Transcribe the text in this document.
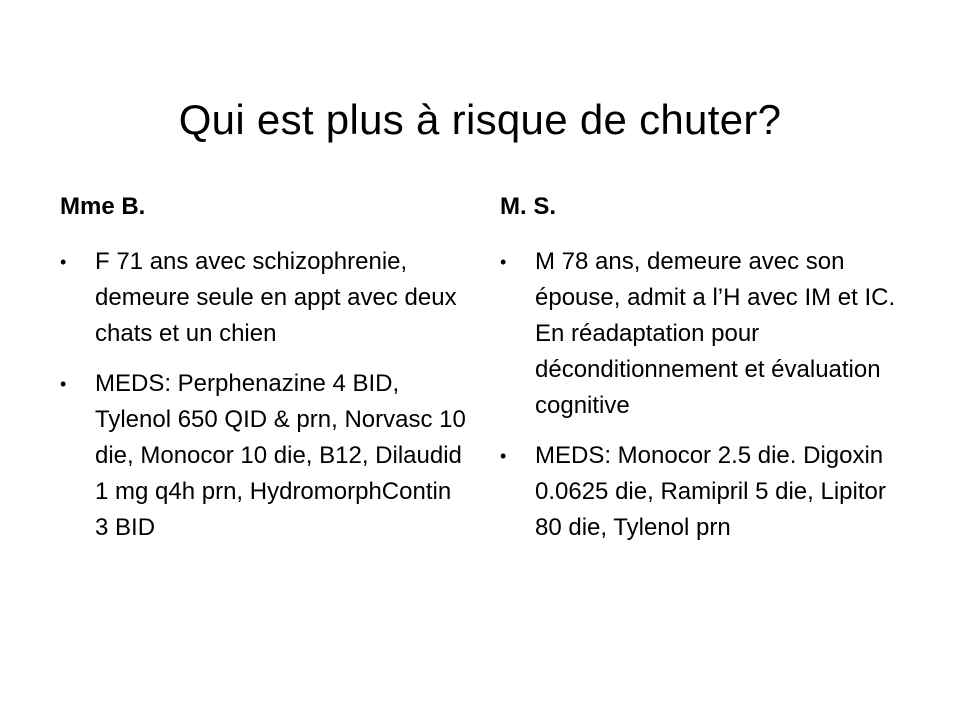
Qui est plus à risque de chuter?
Mme B.
•	F 71 ans avec schizophrenie, demeure seule en appt avec deux chats et un chien
•	MEDS: Perphenazine 4 BID, Tylenol 650 QID & prn, Norvasc 10 die, Monocor 10 die, B12, Dilaudid 1 mg q4h prn, HydromorphContin 3 BID
M. S.
•	M 78 ans, demeure avec son épouse, admit a l’H avec IM et IC. En réadaptation pour déconditionnement et évaluation cognitive
•	MEDS: Monocor 2.5 die. Digoxin 0.0625 die, Ramipril 5 die, Lipitor 80 die, Tylenol prn
